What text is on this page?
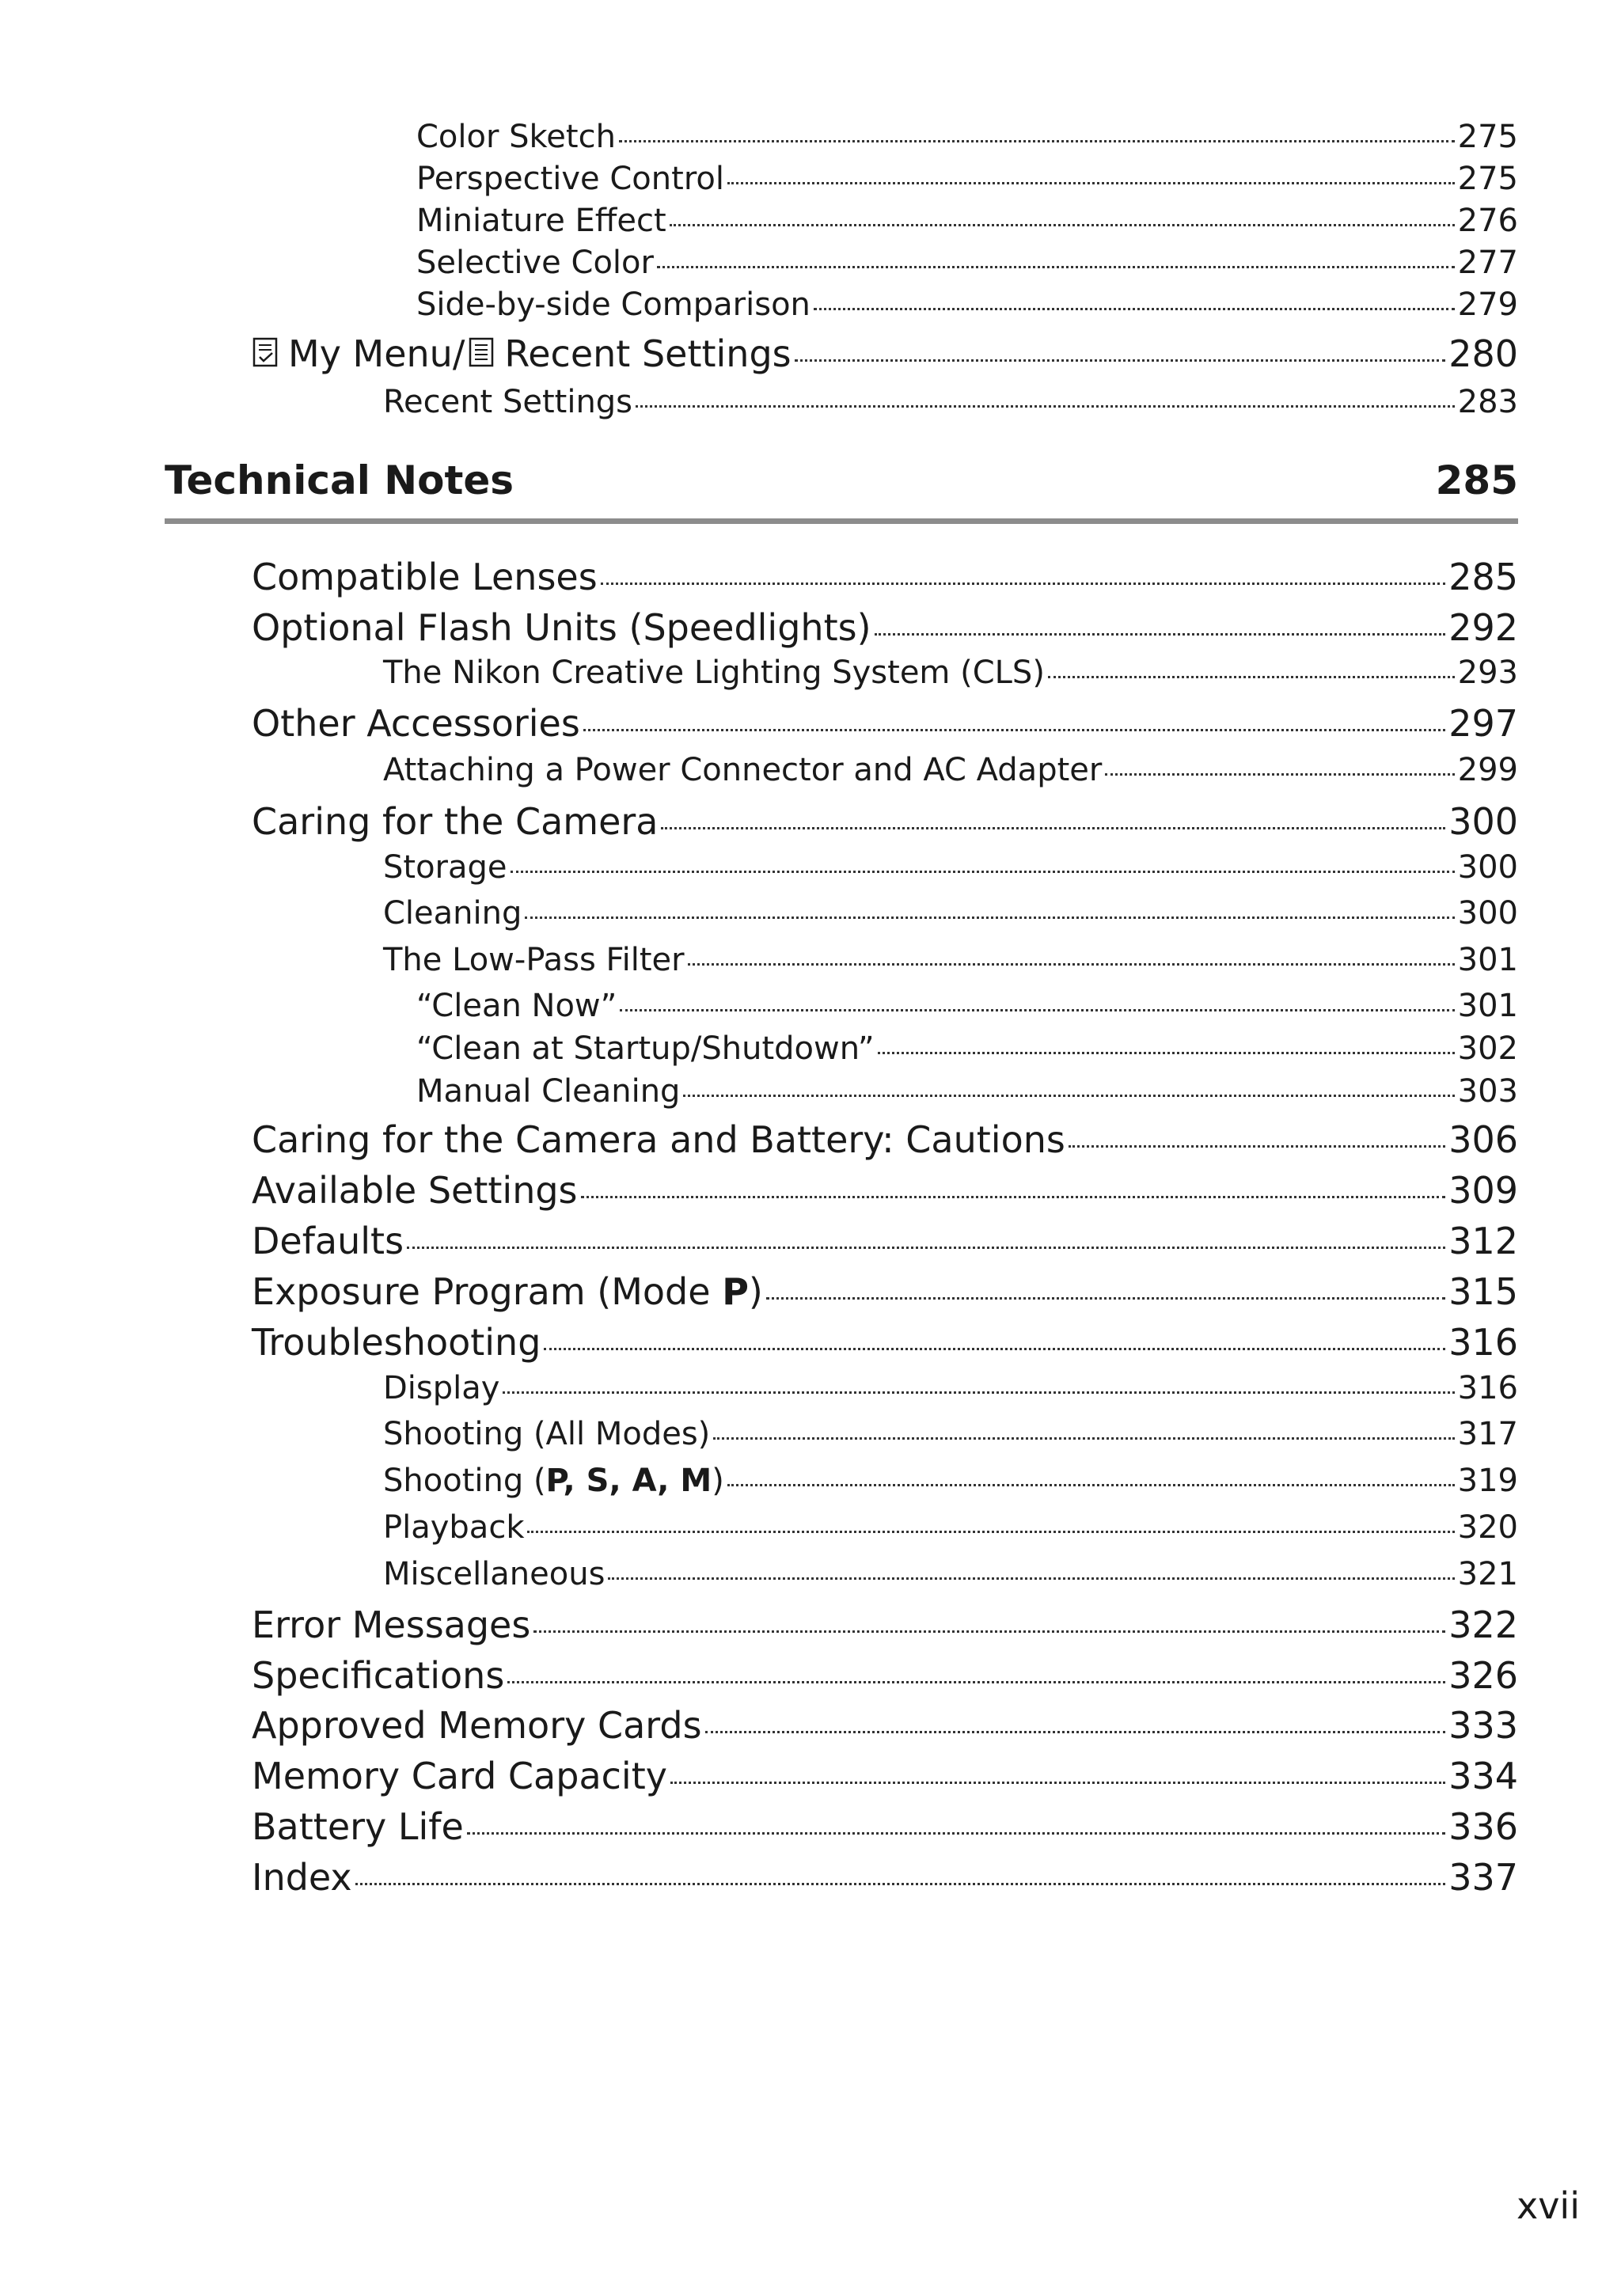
Color Sketch	275
Perspective Control	275
Miniature Effect	276
Selective Color	277
Side-by-side Comparison	279
My Menu/ Recent Settings	280
Recent Settings	283
Technical Notes	285
Compatible Lenses	285
Optional Flash Units (Speedlights)	292
The Nikon Creative Lighting System (CLS)	293
Other Accessories	297
Attaching a Power Connector and AC Adapter	299
Caring for the Camera	300
Storage	300
Cleaning	300
The Low-Pass Filter	301
“Clean Now”	301
“Clean at Startup/Shutdown”	302
Manual Cleaning	303
Caring for the Camera and Battery: Cautions	306
Available Settings	309
Defaults	312
Exposure Program (Mode P)	315
Troubleshooting	316
Display	316
Shooting (All Modes)	317
Shooting (P, S, A, M)	319
Playback	320
Miscellaneous	321
Error Messages	322
Specifications	326
Approved Memory Cards	333
Memory Card Capacity	334
Battery Life	336
Index	337
xvii
